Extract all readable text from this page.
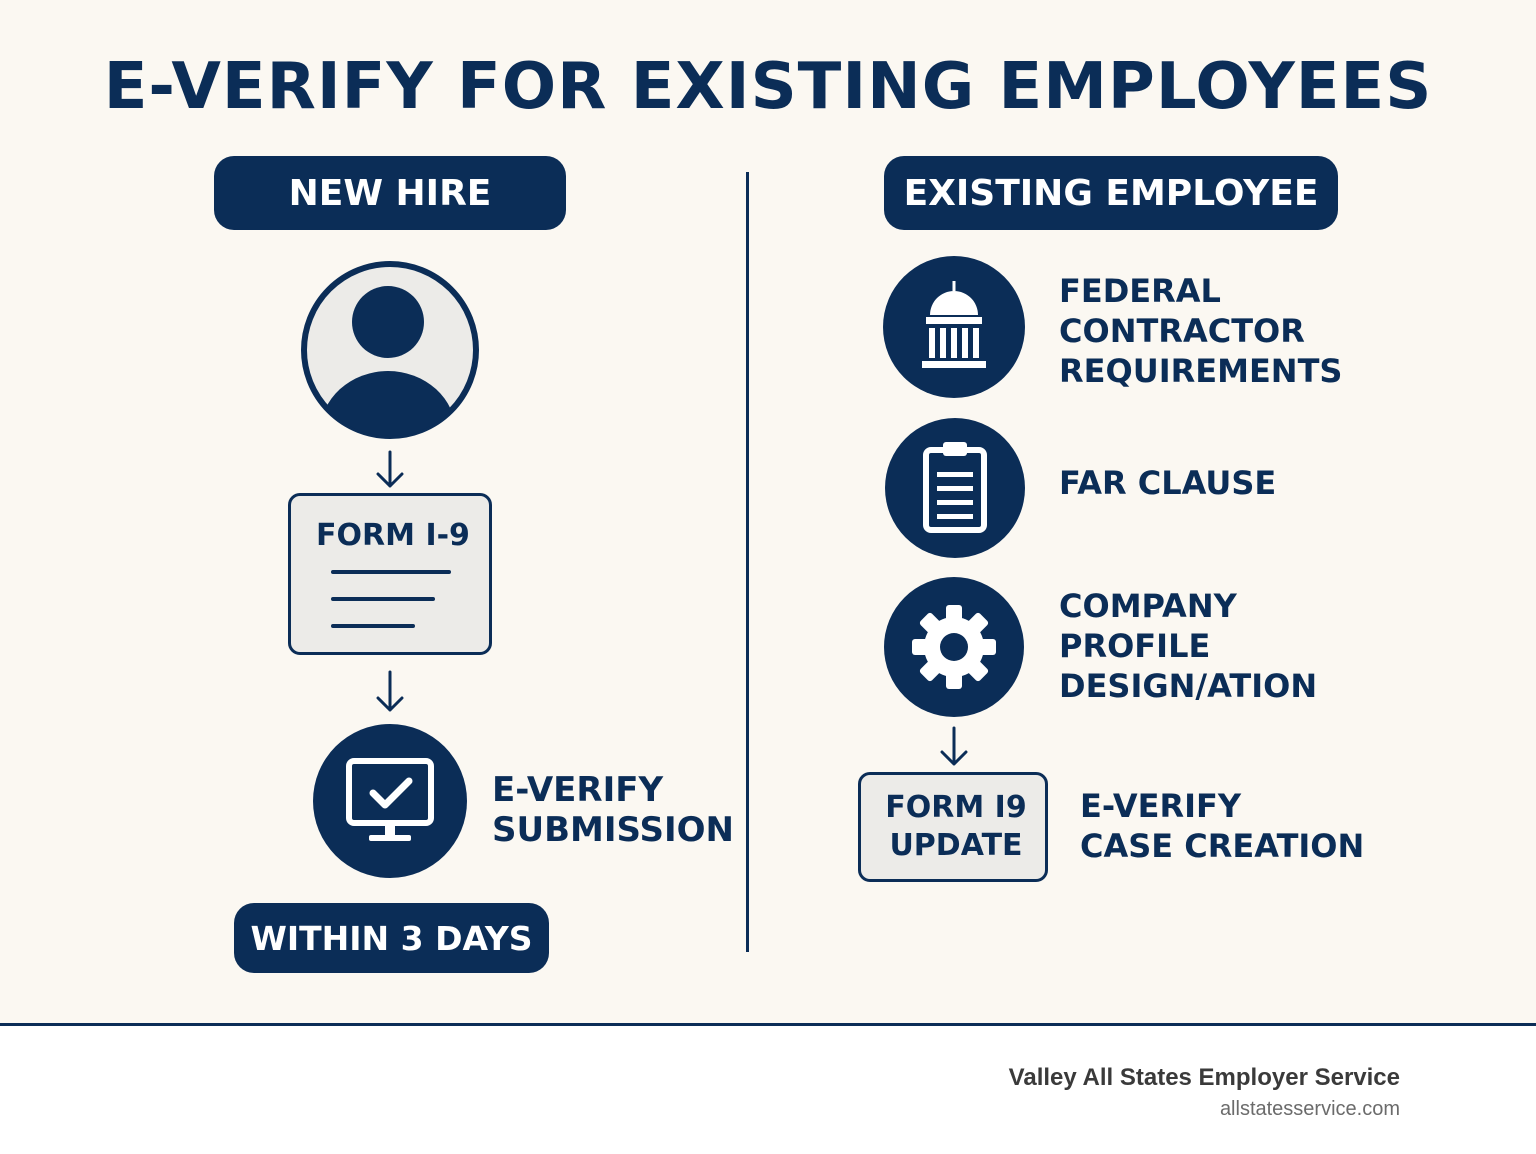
E-VERIFY FOR EXISTING EMPLOYEES
NEW HIRE
FORM I-9
E-VERIFY
SUBMISSION
WITHIN 3 DAYS
EXISTING EMPLOYEE
FEDERAL
CONTRACTOR
REQUIREMENTS
FAR CLAUSE
COMPANY
PROFILE
DESIGN/ATION
FORM I9
UPDATE
E-VERIFY
CASE CREATION
Valley All States Employer Service
allstatesservice.com
